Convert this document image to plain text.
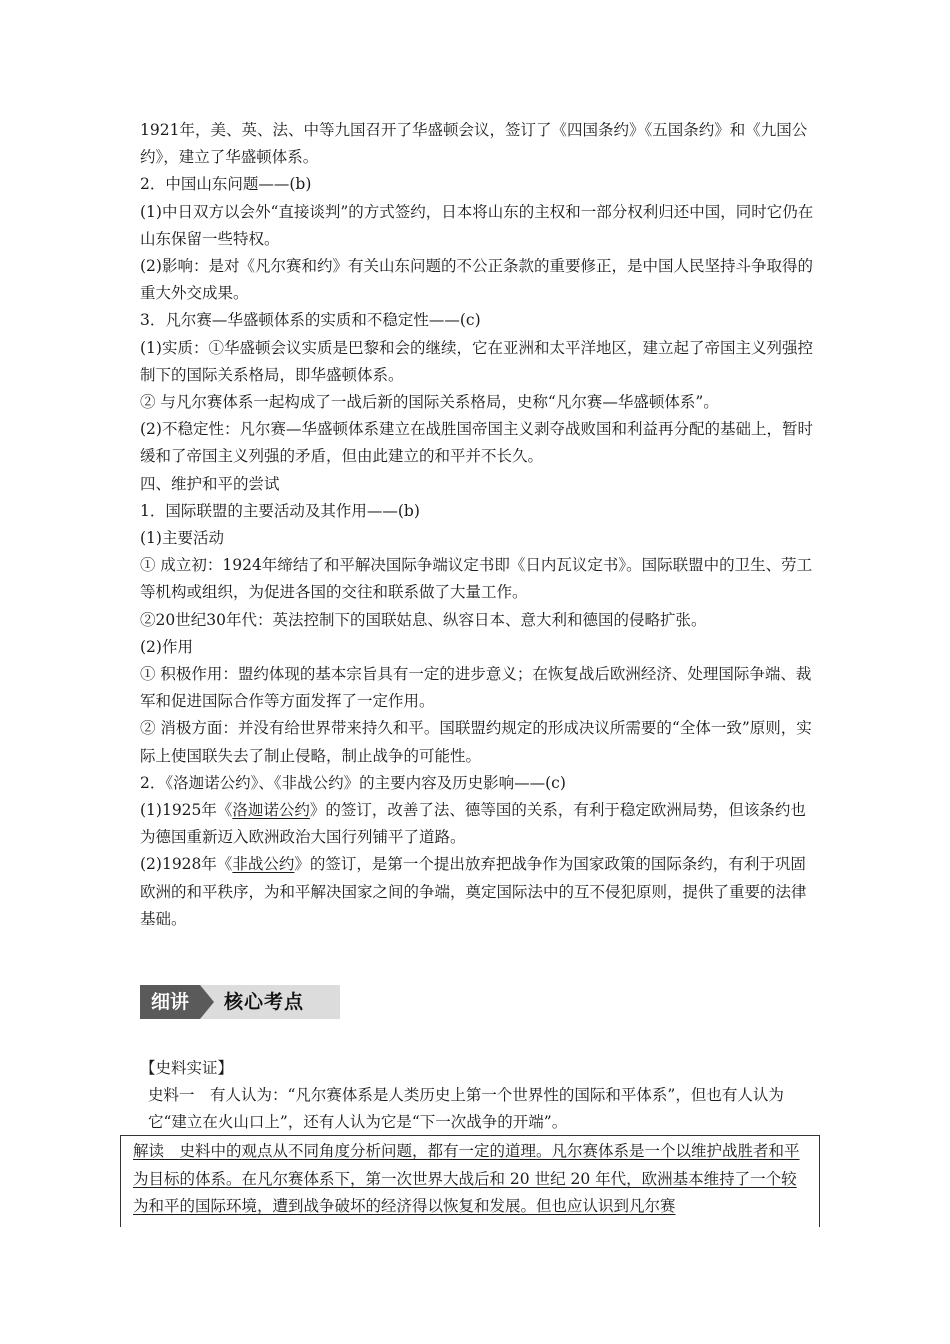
1921年，美、英、法、中等九国召开了华盛顿会议，签订了《四国条约》《五国条约》和《九国公约》，建立了华盛顿体系。

2．中国山东问题——(b)

(1)中日双方以会外“直接谈判”的方式签约，日本将山东的主权和一部分权利归还中国，同时它仍在山东保留一些特权。

(2)影响：是对《凡尔赛和约》有关山东问题的不公正条款的重要修正，是中国人民坚持斗争取得的重大外交成果。

3．凡尔赛—华盛顿体系的实质和不稳定性——(c)

(1)实质：①华盛顿会议实质是巴黎和会的继续，它在亚洲和太平洋地区，建立起了帝国主义列强控制下的国际关系格局，即华盛顿体系。

② 与凡尔赛体系一起构成了一战后新的国际关系格局，史称“凡尔赛—华盛顿体系”。

(2)不稳定性：凡尔赛—华盛顿体系建立在战胜国帝国主义剥夺战败国和利益再分配的基础上，暂时缓和了帝国主义列强的矛盾，但由此建立的和平并不长久。

四、维护和平的尝试

1．国际联盟的主要活动及其作用——(b)

(1)主要活动

① 成立初：1924年缔结了和平解决国际争端议定书即《日内瓦议定书》。国际联盟中的卫生、劳工等机构或组织，为促进各国的交往和联系做了大量工作。

②20世纪30年代：英法控制下的国联姑息、纵容日本、意大利和德国的侵略扩张。

(2)作用

① 积极作用：盟约体现的基本宗旨具有一定的进步意义；在恢复战后欧洲经济、处理国际争端、裁军和促进国际合作等方面发挥了一定作用。

② 消极方面：并没有给世界带来持久和平。国联盟约规定的形成决议所需要的“全体一致”原则，实际上使国联失去了制止侵略，制止战争的可能性。

2．《洛迦诺公约》、《非战公约》的主要内容及历史影响——(c)

(1)1925年《洛迦诺公约》的签订，改善了法、德等国的关系，有利于稳定欧洲局势，但该条约也为德国重新迈入欧洲政治大国行列铺平了道路。

(2)1928年《非战公约》的签订，是第一个提出放弃把战争作为国家政策的国际条约，有利于巩固欧洲的和平秩序，为和平解决国家之间的争端，奠定国际法中的互不侵犯原则，提供了重要的法律基础。

细讲	核心考点

【史料实证】

史料一　有人认为：“凡尔赛体系是人类历史上第一个世界性的国际和平体系”，但也有人认为它“建立在火山口上”，还有人认为它是“下一次战争的开端”。

解读　 史料中的观点从不同角度分析问题，都有一定的道理。凡尔赛体系是一个以维护战胜者和平为目标的体系。在凡尔赛体系下，第一次世界大战后和 20 世纪 20 年代，欧洲基本维持了一个较为和平的国际环境，遭到战争破坏的经济得以恢复和发展。但也应认识到凡尔赛
